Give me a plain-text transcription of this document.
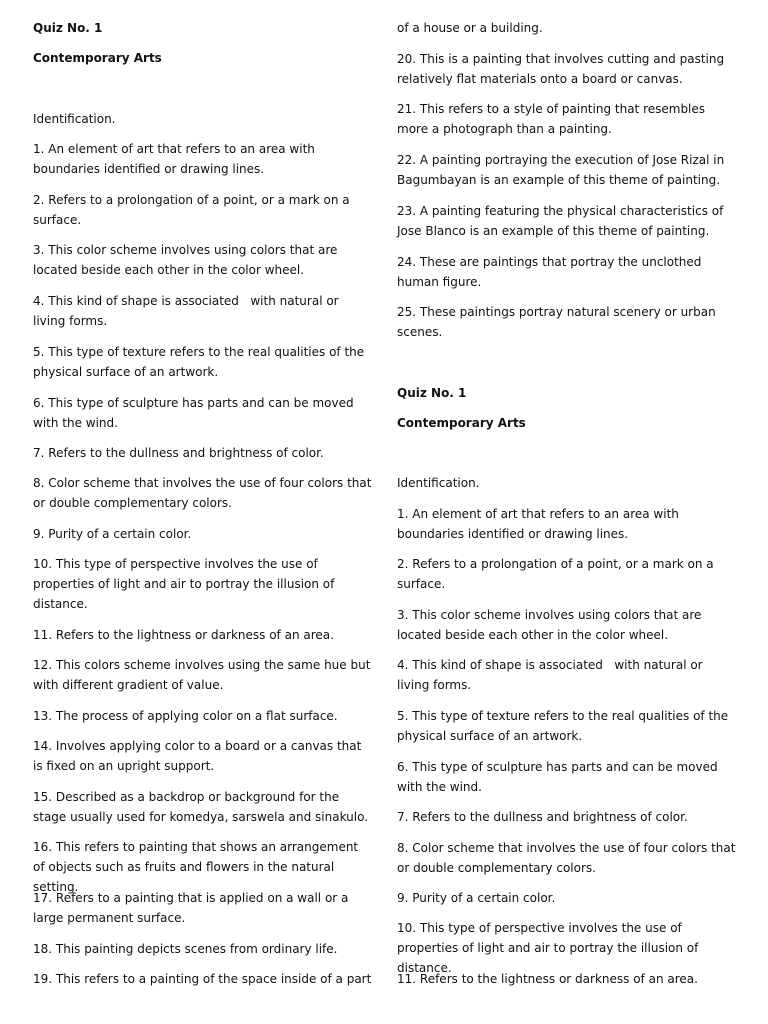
Quiz No. 1

Contemporary Arts

Identification.

1. An element of art that refers to an area with boundaries identified or drawing lines.

2. Refers to a prolongation of a point, or a mark on a surface.

3. This color scheme involves using colors that are located beside each other in the color wheel.

4. This kind of shape is associated   with natural or living forms.

5. This type of texture refers to the real qualities of the physical surface of an artwork.

6. This type of sculpture has parts and can be moved with the wind.

7. Refers to the dullness and brightness of color.

8. Color scheme that involves the use of four colors that or double complementary colors.

9. Purity of a certain color.

10. This type of perspective involves the use of properties of light and air to portray the illusion of distance.

11. Refers to the lightness or darkness of an area.

12. This colors scheme involves using the same hue but with different gradient of value.

13. The process of applying color on a flat surface.

14. Involves applying color to a board or a canvas that is fixed on an upright support.

15. Described as a backdrop or background for the stage usually used for komedya, sarswela and sinakulo.

16. This refers to painting that shows an arrangement of objects such as fruits and flowers in the natural setting.

17. Refers to a painting that is applied on a wall or a large permanent surface.

18. This painting depicts scenes from ordinary life.

19. This refers to a painting of the space inside of a part

of a house or a building.

20. This is a painting that involves cutting and pasting relatively flat materials onto a board or canvas.

21. This refers to a style of painting that resembles more a photograph than a painting.

22. A painting portraying the execution of Jose Rizal in Bagumbayan is an example of this theme of painting.

23. A painting featuring the physical characteristics of Jose Blanco is an example of this theme of painting.

24. These are paintings that portray the unclothed human figure.

25. These paintings portray natural scenery or urban scenes.

Quiz No. 1

Contemporary Arts

Identification.

1. An element of art that refers to an area with boundaries identified or drawing lines.

2. Refers to a prolongation of a point, or a mark on a surface.

3. This color scheme involves using colors that are located beside each other in the color wheel.

4. This kind of shape is associated   with natural or living forms.

5. This type of texture refers to the real qualities of the physical surface of an artwork.

6. This type of sculpture has parts and can be moved with the wind.

7. Refers to the dullness and brightness of color.

8. Color scheme that involves the use of four colors that or double complementary colors.

9. Purity of a certain color.

10. This type of perspective involves the use of properties of light and air to portray the illusion of distance.

11. Refers to the lightness or darkness of an area.
